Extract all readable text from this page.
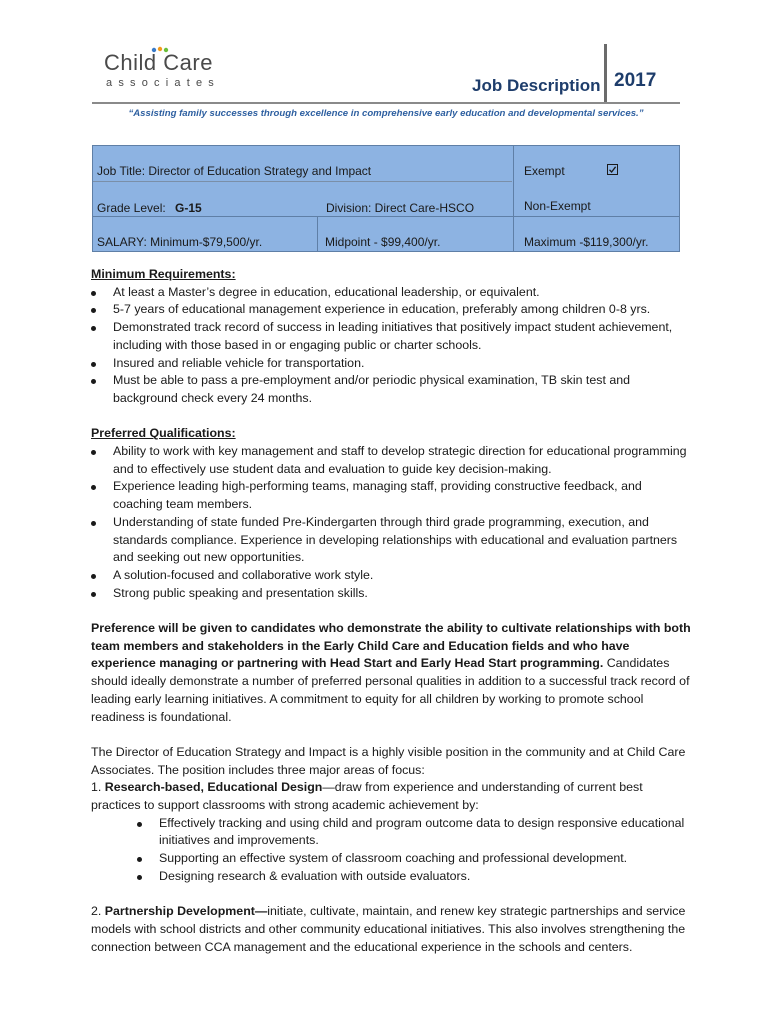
Child Care
associates	Job Description 2017
“Assisting family successes through excellence in comprehensive early education and developmental services.”
Job Title: Director of Education Strategy and Impact	Exempt
Grade Level: G-15	Division: Direct Care-HSCO	Non-Exempt
SALARY: Minimum-$79,500/yr.	Midpoint - $99,400/yr.	Maximum -$119,300/yr.
Minimum Requirements:
At least a Master’s degree in education, educational leadership, or equivalent.
5-7 years of educational management experience in education, preferably among children 0-8 yrs.
Demonstrated track record of success in leading initiatives that positively impact student achievement, including with those based in or engaging public or charter schools.
Insured and reliable vehicle for transportation.
Must be able to pass a pre-employment and/or periodic physical examination, TB skin test and background check every 24 months.
Preferred Qualifications:
Ability to work with key management and staff to develop strategic direction for educational programming and to effectively use student data and evaluation to guide key decision-making.
Experience leading high-performing teams, managing staff, providing constructive feedback, and coaching team members.
Understanding of state funded Pre-Kindergarten through third grade programming, execution, and standards compliance. Experience in developing relationships with educational and evaluation partners and seeking out new opportunities.
A solution-focused and collaborative work style.
Strong public speaking and presentation skills.
Preference will be given to candidates who demonstrate the ability to cultivate relationships with both team members and stakeholders in the Early Child Care and Education fields and who have experience managing or partnering with Head Start and Early Head Start programming. Candidates should ideally demonstrate a number of preferred personal qualities in addition to a successful track record of leading early learning initiatives. A commitment to equity for all children by working to promote school readiness is foundational.
The Director of Education Strategy and Impact is a highly visible position in the community and at Child Care Associates. The position includes three major areas of focus:
1. Research-based, Educational Design—draw from experience and understanding of current best practices to support classrooms with strong academic achievement by:
Effectively tracking and using child and program outcome data to design responsive educational initiatives and improvements.
Supporting an effective system of classroom coaching and professional development.
Designing research & evaluation with outside evaluators.
2. Partnership Development—initiate, cultivate, maintain, and renew key strategic partnerships and service models with school districts and other community educational initiatives. This also involves strengthening the connection between CCA management and the educational experience in the schools and centers.
